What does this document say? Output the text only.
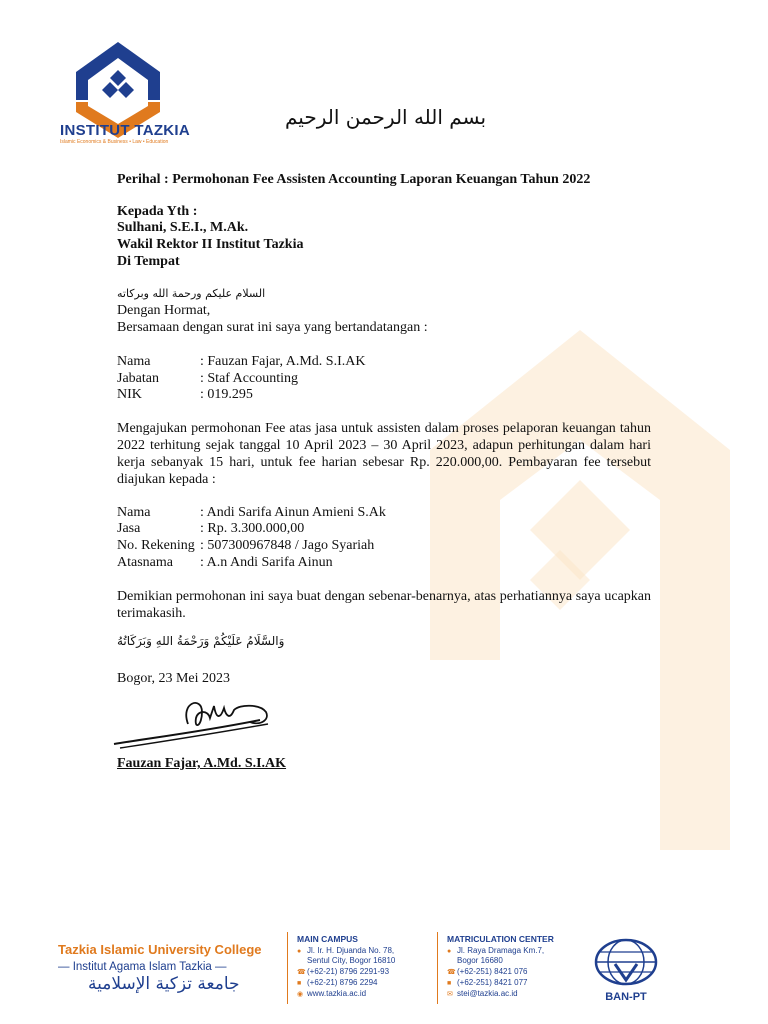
INSTITUT TAZKIA
Islamic Economics & Business • Law • Education
بسم الله الرحمن الرحيم
Perihal : Permohonan Fee Assisten Accounting Laporan Keuangan Tahun 2022
Kepada Yth :
Sulhani, S.E.I., M.Ak.
Wakil Rektor II Institut Tazkia
Di Tempat
السلام عليكم ورحمة الله وبركاته
Dengan Hormat,
Bersamaan dengan surat ini saya yang bertandatangan :
Nama	: Fauzan Fajar, A.Md. S.I.AK
Jabatan	: Staf Accounting
NIK	: 019.295
Mengajukan permohonan Fee atas jasa untuk assisten dalam proses pelaporan keuangan tahun 2022 terhitung sejak tanggal 10 April 2023 – 30 April 2023, adapun perhitungan dalam hari kerja sebanyak 15 hari, untuk fee harian sebesar Rp. 220.000,00. Pembayaran fee tersebut diajukan kepada :
Nama	: Andi Sarifa Ainun Amieni S.Ak
Jasa	: Rp. 3.300.000,00
No. Rekening : 507300967848 / Jago Syariah
Atasnama : A.n Andi Sarifa Ainun
Demikian permohonan ini saya buat dengan sebenar-benarnya, atas perhatiannya saya ucapkan terimakasih.
وَالسَّلَامُ عَلَيْكُمْ وَرَحْمَةُ اللهِ وَبَرَكَاتُهُ
Bogor, 23 Mei 2023
Fauzan Fajar, A.Md. S.I.AK
Tazkia Islamic University College
— Institut Agama Islam Tazkia —
جامعة تزكية الإسلامية
MAIN CAMPUS
● Jl. Ir. H. Djuanda No. 78,
Sentul City, Bogor 16810
☎(+62-21) 8796 2291-93
■ (+62-21) 8796 2294
◉ www.tazkia.ac.id
MATRICULATION CENTER
● Jl. Raya Dramaga Km.7,
Bogor 16680
☎(+62-251) 8421 076
■ (+62-251) 8421 077
✉ stei@tazkia.ac.id	BAN-PT
